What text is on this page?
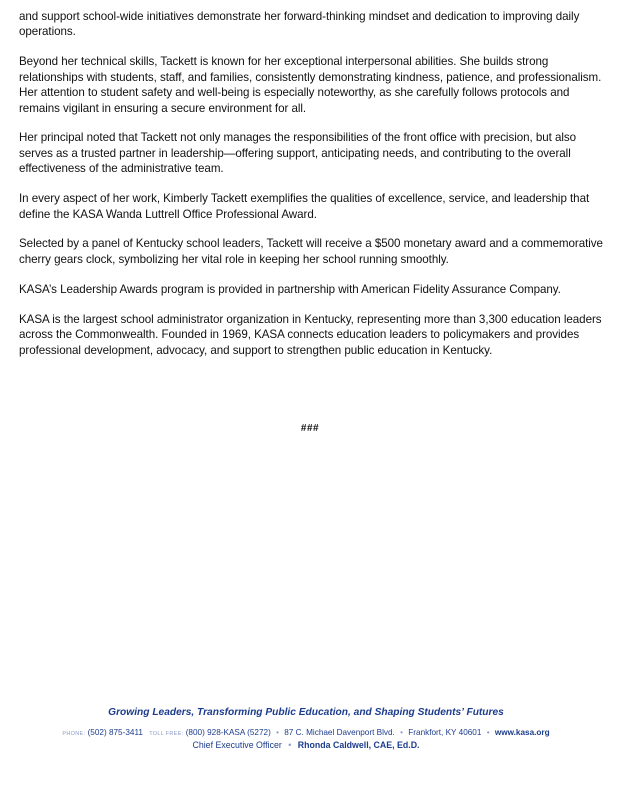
and support school-wide initiatives demonstrate her forward-thinking mindset and dedication to improving daily operations.

Beyond her technical skills, Tackett is known for her exceptional interpersonal abilities. She builds strong relationships with students, staff, and families, consistently demonstrating kindness, patience, and professionalism. Her attention to student safety and well-being is especially noteworthy, as she carefully follows protocols and remains vigilant in ensuring a secure environment for all.

Her principal noted that Tackett not only manages the responsibilities of the front office with precision, but also serves as a trusted partner in leadership—offering support, anticipating needs, and contributing to the overall effectiveness of the administrative team.

In every aspect of her work, Kimberly Tackett exemplifies the qualities of excellence, service, and leadership that define the KASA Wanda Luttrell Office Professional Award.

Selected by a panel of Kentucky school leaders, Tackett will receive a $500 monetary award and a commemorative cherry gears clock, symbolizing her vital role in keeping her school running smoothly.

KASA’s Leadership Awards program is provided in partnership with American Fidelity Assurance Company.

KASA is the largest school administrator organization in Kentucky, representing more than 3,300 education leaders across the Commonwealth. Founded in 1969, KASA connects education leaders to policymakers and provides professional development, advocacy, and support to strengthen public education in Kentucky.

###
Growing Leaders, Transforming Public Education, and Shaping Students’ Futures
PHONE: (502) 875-3411 TOLL FREE: (800) 928-KASA (5272) • 87 C. Michael Davenport Blvd. • Frankfort, KY 40601 • www.kasa.org
Chief Executive Officer • Rhonda Caldwell, CAE, Ed.D.
